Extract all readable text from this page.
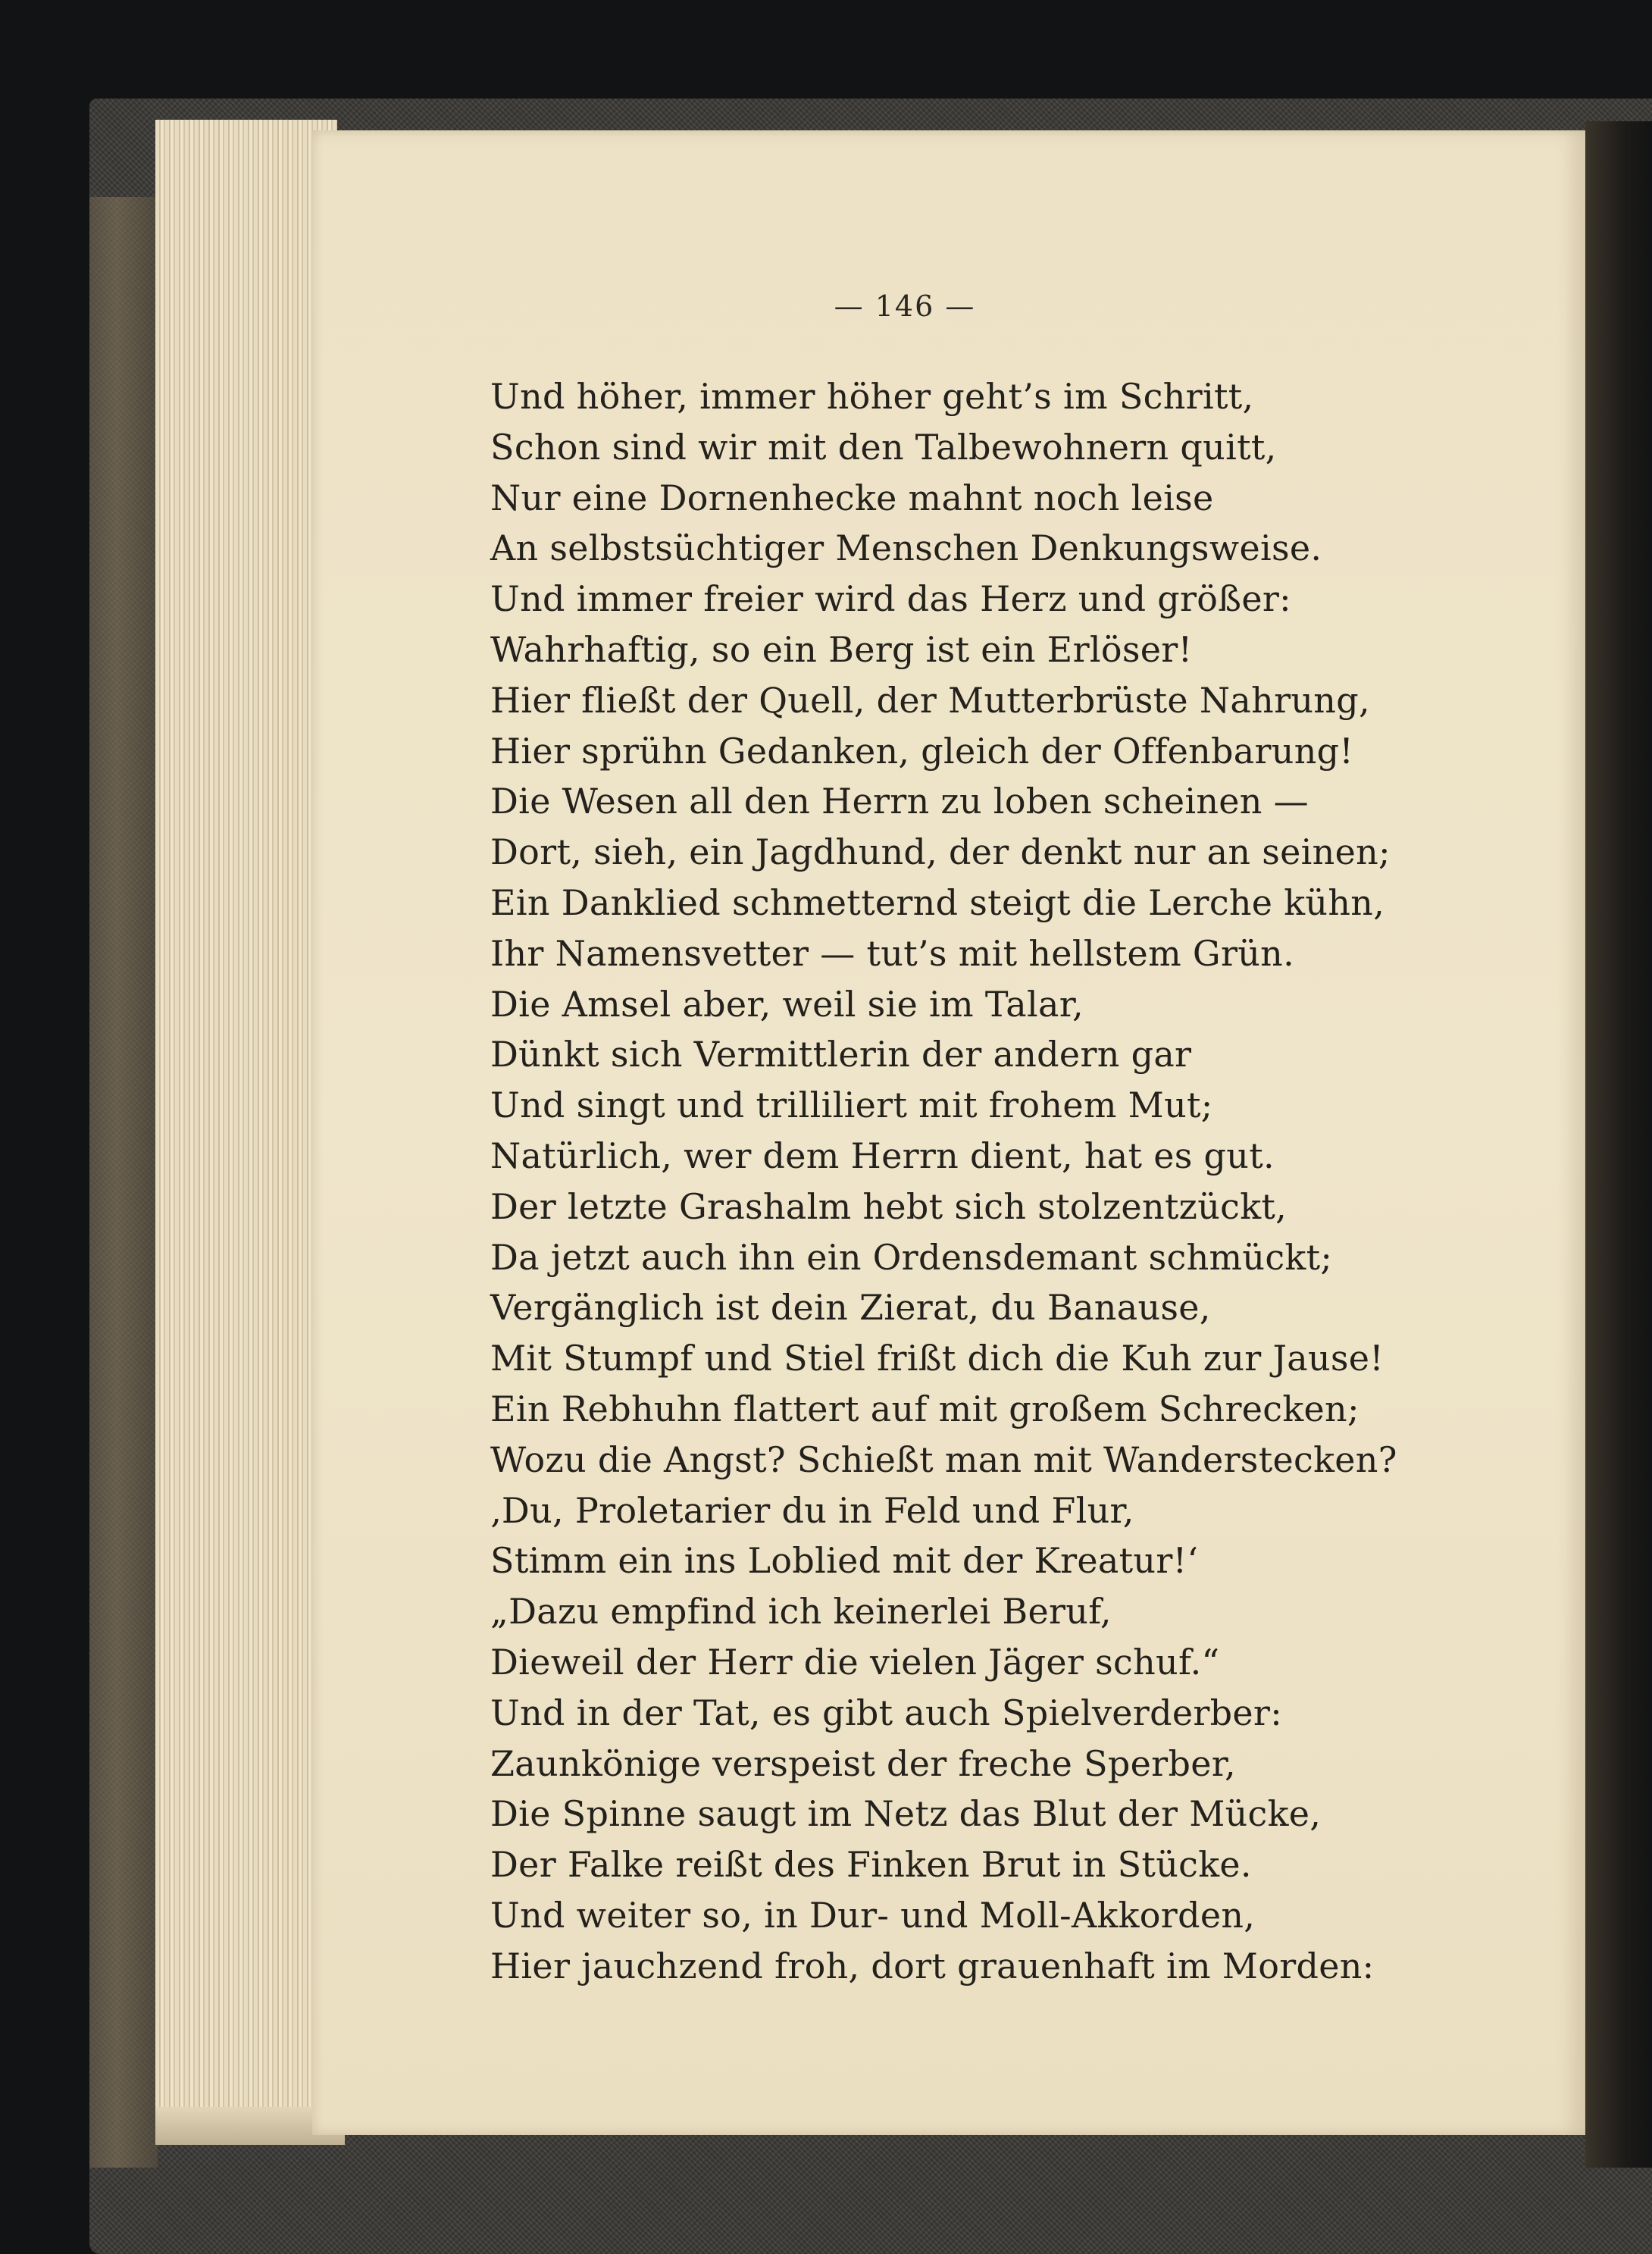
— 146 —
Und höher, immer höher geht’s im Schritt,
Schon sind wir mit den Talbewohnern quitt,
Nur eine Dornenhecke mahnt noch leise
An selbstsüchtiger Menschen Denkungsweise.
Und immer freier wird das Herz und größer:
Wahrhaftig, so ein Berg ist ein Erlöser!
Hier fließt der Quell, der Mutterbrüste Nahrung,
Hier sprühn Gedanken, gleich der Offenbarung!
Die Wesen all den Herrn zu loben scheinen —
Dort, sieh, ein Jagdhund, der denkt nur an seinen;
Ein Danklied schmetternd steigt die Lerche kühn,
Ihr Namensvetter — tut’s mit hellstem Grün.
Die Amsel aber, weil sie im Talar,
Dünkt sich Vermittlerin der andern gar
Und singt und trilliliert mit frohem Mut;
Natürlich, wer dem Herrn dient, hat es gut.
Der letzte Grashalm hebt sich stolzentzückt,
Da jetzt auch ihn ein Ordensdemant schmückt;
Vergänglich ist dein Zierat, du Banause,
Mit Stumpf und Stiel frißt dich die Kuh zur Jause!
Ein Rebhuhn flattert auf mit großem Schrecken;
Wozu die Angst? Schießt man mit Wanderstecken?
‚Du, Proletarier du in Feld und Flur,
Stimm ein ins Loblied mit der Kreatur!‘
„Dazu empfind ich keinerlei Beruf,
Dieweil der Herr die vielen Jäger schuf.“
Und in der Tat, es gibt auch Spielverderber:
Zaunkönige verspeist der freche Sperber,
Die Spinne saugt im Netz das Blut der Mücke,
Der Falke reißt des Finken Brut in Stücke.
Und weiter so, in Dur- und Moll-Akkorden,
Hier jauchzend froh, dort grauenhaft im Morden:
